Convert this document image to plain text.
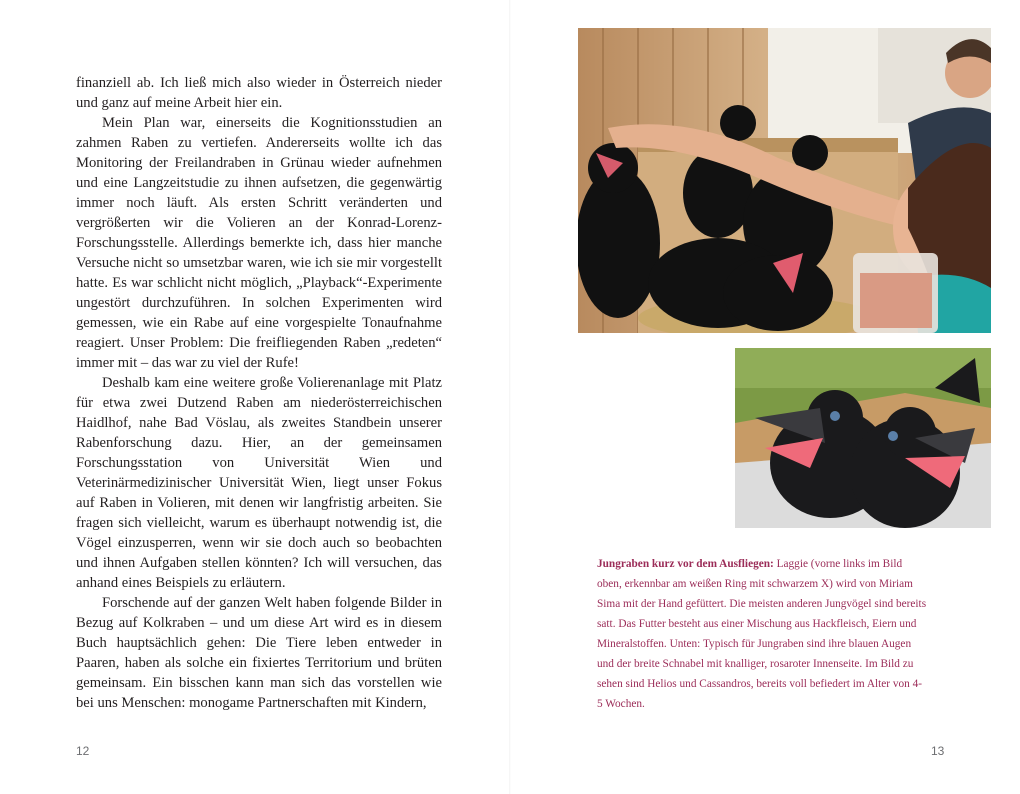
finanziell ab. Ich ließ mich also wieder in Österreich nieder und ganz auf meine Arbeit hier ein.

Mein Plan war, einerseits die Kognitionsstudien an zahmen Raben zu vertiefen. Andererseits wollte ich das Monitoring der Freilandraben in Grünau wieder aufnehmen und eine Langzeitstudie zu ihnen aufsetzen, die gegenwärtig immer noch läuft. Als ersten Schritt veränderten und vergrößerten wir die Volieren an der Konrad-Lorenz-Forschungsstelle. Allerdings bemerkte ich, dass hier manche Versuche nicht so umsetzbar waren, wie ich sie mir vorgestellt hatte. Es war schlicht nicht möglich, „Playback“-Experimente ungestört durchzuführen. In solchen Experimenten wird gemessen, wie ein Rabe auf eine vorgespielte Tonaufnahme reagiert. Unser Problem: Die freifliegenden Raben „redeten“ immer mit – das war zu viel der Rufe!

Deshalb kam eine weitere große Volierenanlage mit Platz für etwa zwei Dutzend Raben am niederösterreichischen Haidlhof, nahe Bad Vöslau, als zweites Standbein unserer Rabenforschung dazu. Hier, an der gemeinsamen Forschungsstation von Universität Wien und Veterinärmedizinischer Universität Wien, liegt unser Fokus auf Raben in Volieren, mit denen wir langfristig arbeiten. Sie fragen sich vielleicht, warum es überhaupt notwendig ist, die Vögel einzusperren, wenn wir sie doch auch so beobachten und ihnen Aufgaben stellen könnten? Ich will versuchen, das anhand eines Beispiels zu erläutern.

Forschende auf der ganzen Welt haben folgende Bilder in Bezug auf Kolkraben – und um diese Art wird es in diesem Buch hauptsächlich gehen: Die Tiere leben entweder in Paaren, haben als solche ein fixiertes Territorium und brüten gemeinsam. Ein bisschen kann man sich das vorstellen wie bei uns Menschen: monogame Partnerschaften mit Kindern,

12
Jungraben kurz vor dem Ausfliegen: Laggie (vorne links im Bild oben, erkennbar am weißen Ring mit schwarzem X) wird von Miriam Sima mit der Hand gefüttert. Die meisten anderen Jungvögel sind bereits satt. Das Futter besteht aus einer Mischung aus Hackfleisch, Eiern und Mineralstoffen. Unten: Typisch für Jungraben sind ihre blauen Augen und der breite Schnabel mit knalliger, rosaroter Innenseite. Im Bild zu sehen sind Helios und Cassandros, bereits voll befiedert im Alter von 4-5 Wochen.
13
